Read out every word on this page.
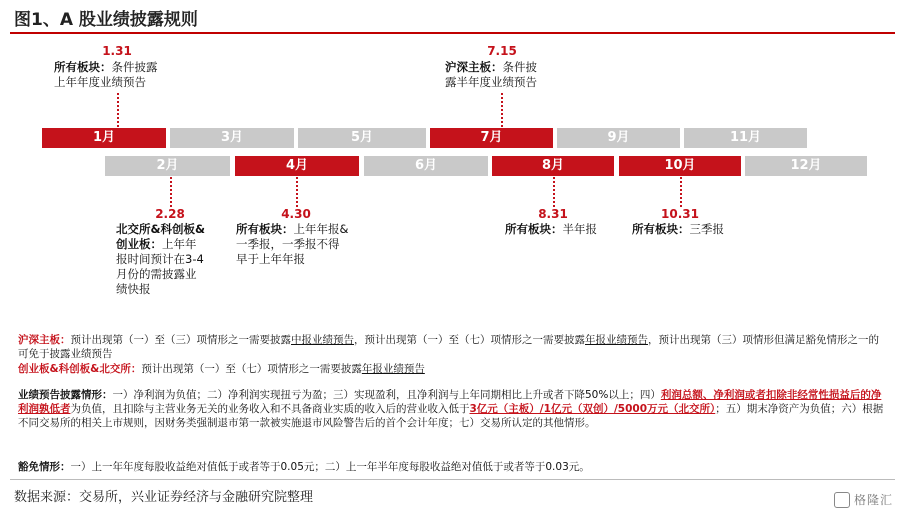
图1、A 股业绩披露规则
1月	3月	5月	7月	9月	11月
2月	4月	6月	8月	10月	12月
1.31
所有板块：条件披露
上年年度业绩预告
7.15
沪深主板：条件披
露半年度业绩预告
2.28
北交所&科创板&
创业板：上年年
报时间预计在3-4
月份的需披露业
绩快报
4.30
所有板块：上年年报&
一季报，一季报不得
早于上年年报
8.31
所有板块：半年报
10.31
所有板块：三季报
沪深主板：预计出现第（一）至（三）项情形之一需要披露中报业绩预告，预计出现第（一）至（七）项情形之一需要披露年报业绩预告，预计出现第（三）项情形但满足豁免情形之一的可免于披露业绩预告
创业板&科创板&北交所：预计出现第（一）至（七）项情形之一需要披露年报业绩预告
业绩预告披露情形：一）净利润为负值；二）净利润实现扭亏为盈；三）实现盈利，且净利润与上年同期相比上升或者下降50%以上；四）利润总额、净利润或者扣除非经常性损益后的净利润孰低者为负值，且扣除与主营业务无关的业务收入和不具备商业实质的收入后的营业收入低于3亿元（主板）/1亿元（双创）/5000万元（北交所）；五）期末净资产为负值；六）根据不同交易所的相关上市规则，因财务类强制退市第一款被实施退市风险警告后的首个会计年度；七）交易所认定的其他情形。
豁免情形：一）上一年年度每股收益绝对值低于或者等于0.05元；二）上一年半年度每股收益绝对值低于或者等于0.03元。
数据来源：交易所，兴业证券经济与金融研究院整理	格隆汇
